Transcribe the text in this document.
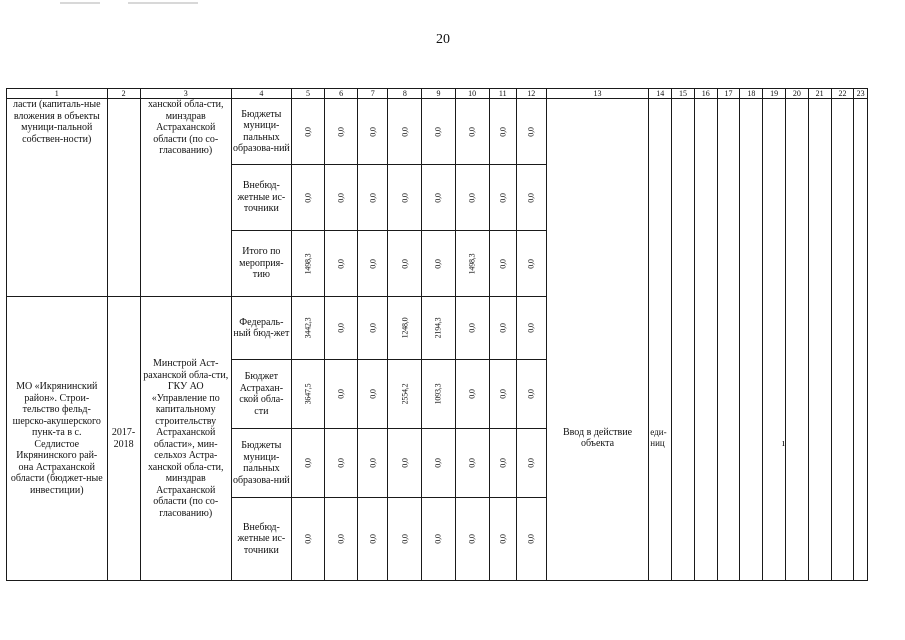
20
ı
1	2	3	4	5	6	7	8	9	10	11	12	13	14	15	16	17	18	19	20	21	22	23
ласти (капиталь-ные вложения в объекты муници-пальной собствен-ности)		ханской обла-сти, минздрав Астраханской области (по со-гласованию)	Бюджеты муници-пальных образова-ний	0,0	0,0	0,0	0,0	0,0	0,0	0,0	0,0											

			Внебюд-жетные ис-точники	0,0	0,0	0,0	0,0	0,0	0,0	0,0	0,0											

			Итого по мероприя-тию	1498,3	0,0	0,0	0,0	0,0	1498,3	0,0	0,0											

МО «Икрянинский район». Строи-тельство фельд-шерско-акушерского пунк-та в с. Седлистое Икрянинского рай-она Астраханской области (бюджет-ные инвестиции)	2017-2018	Минстрой Аст-раханской обла-сти, ГКУ АО «Управление по капитальному строительству Астраханской области», мин-сельхоз Астра-ханской обла-сти, минздрав Астраханской области (по со-гласованию)	Федераль-ный бюд-жет	3442,3	0,0	0,0	1248,0	2194,3	0,0	0,0	0,0	Ввод в действие объекта	еди-ниц									
			Бюджет Астрахан-ской обла-сти	3647,5	0,0	0,0	2554,2	1093,3	0,0	0,0	0,0											

			Бюджеты муници-пальных образова-ний	0,0	0,0	0,0	0,0	0,0	0,0	0,0	0,0											

			Внебюд-жетные ис-точники	0,0	0,0	0,0	0,0	0,0	0,0	0,0	0,0											
